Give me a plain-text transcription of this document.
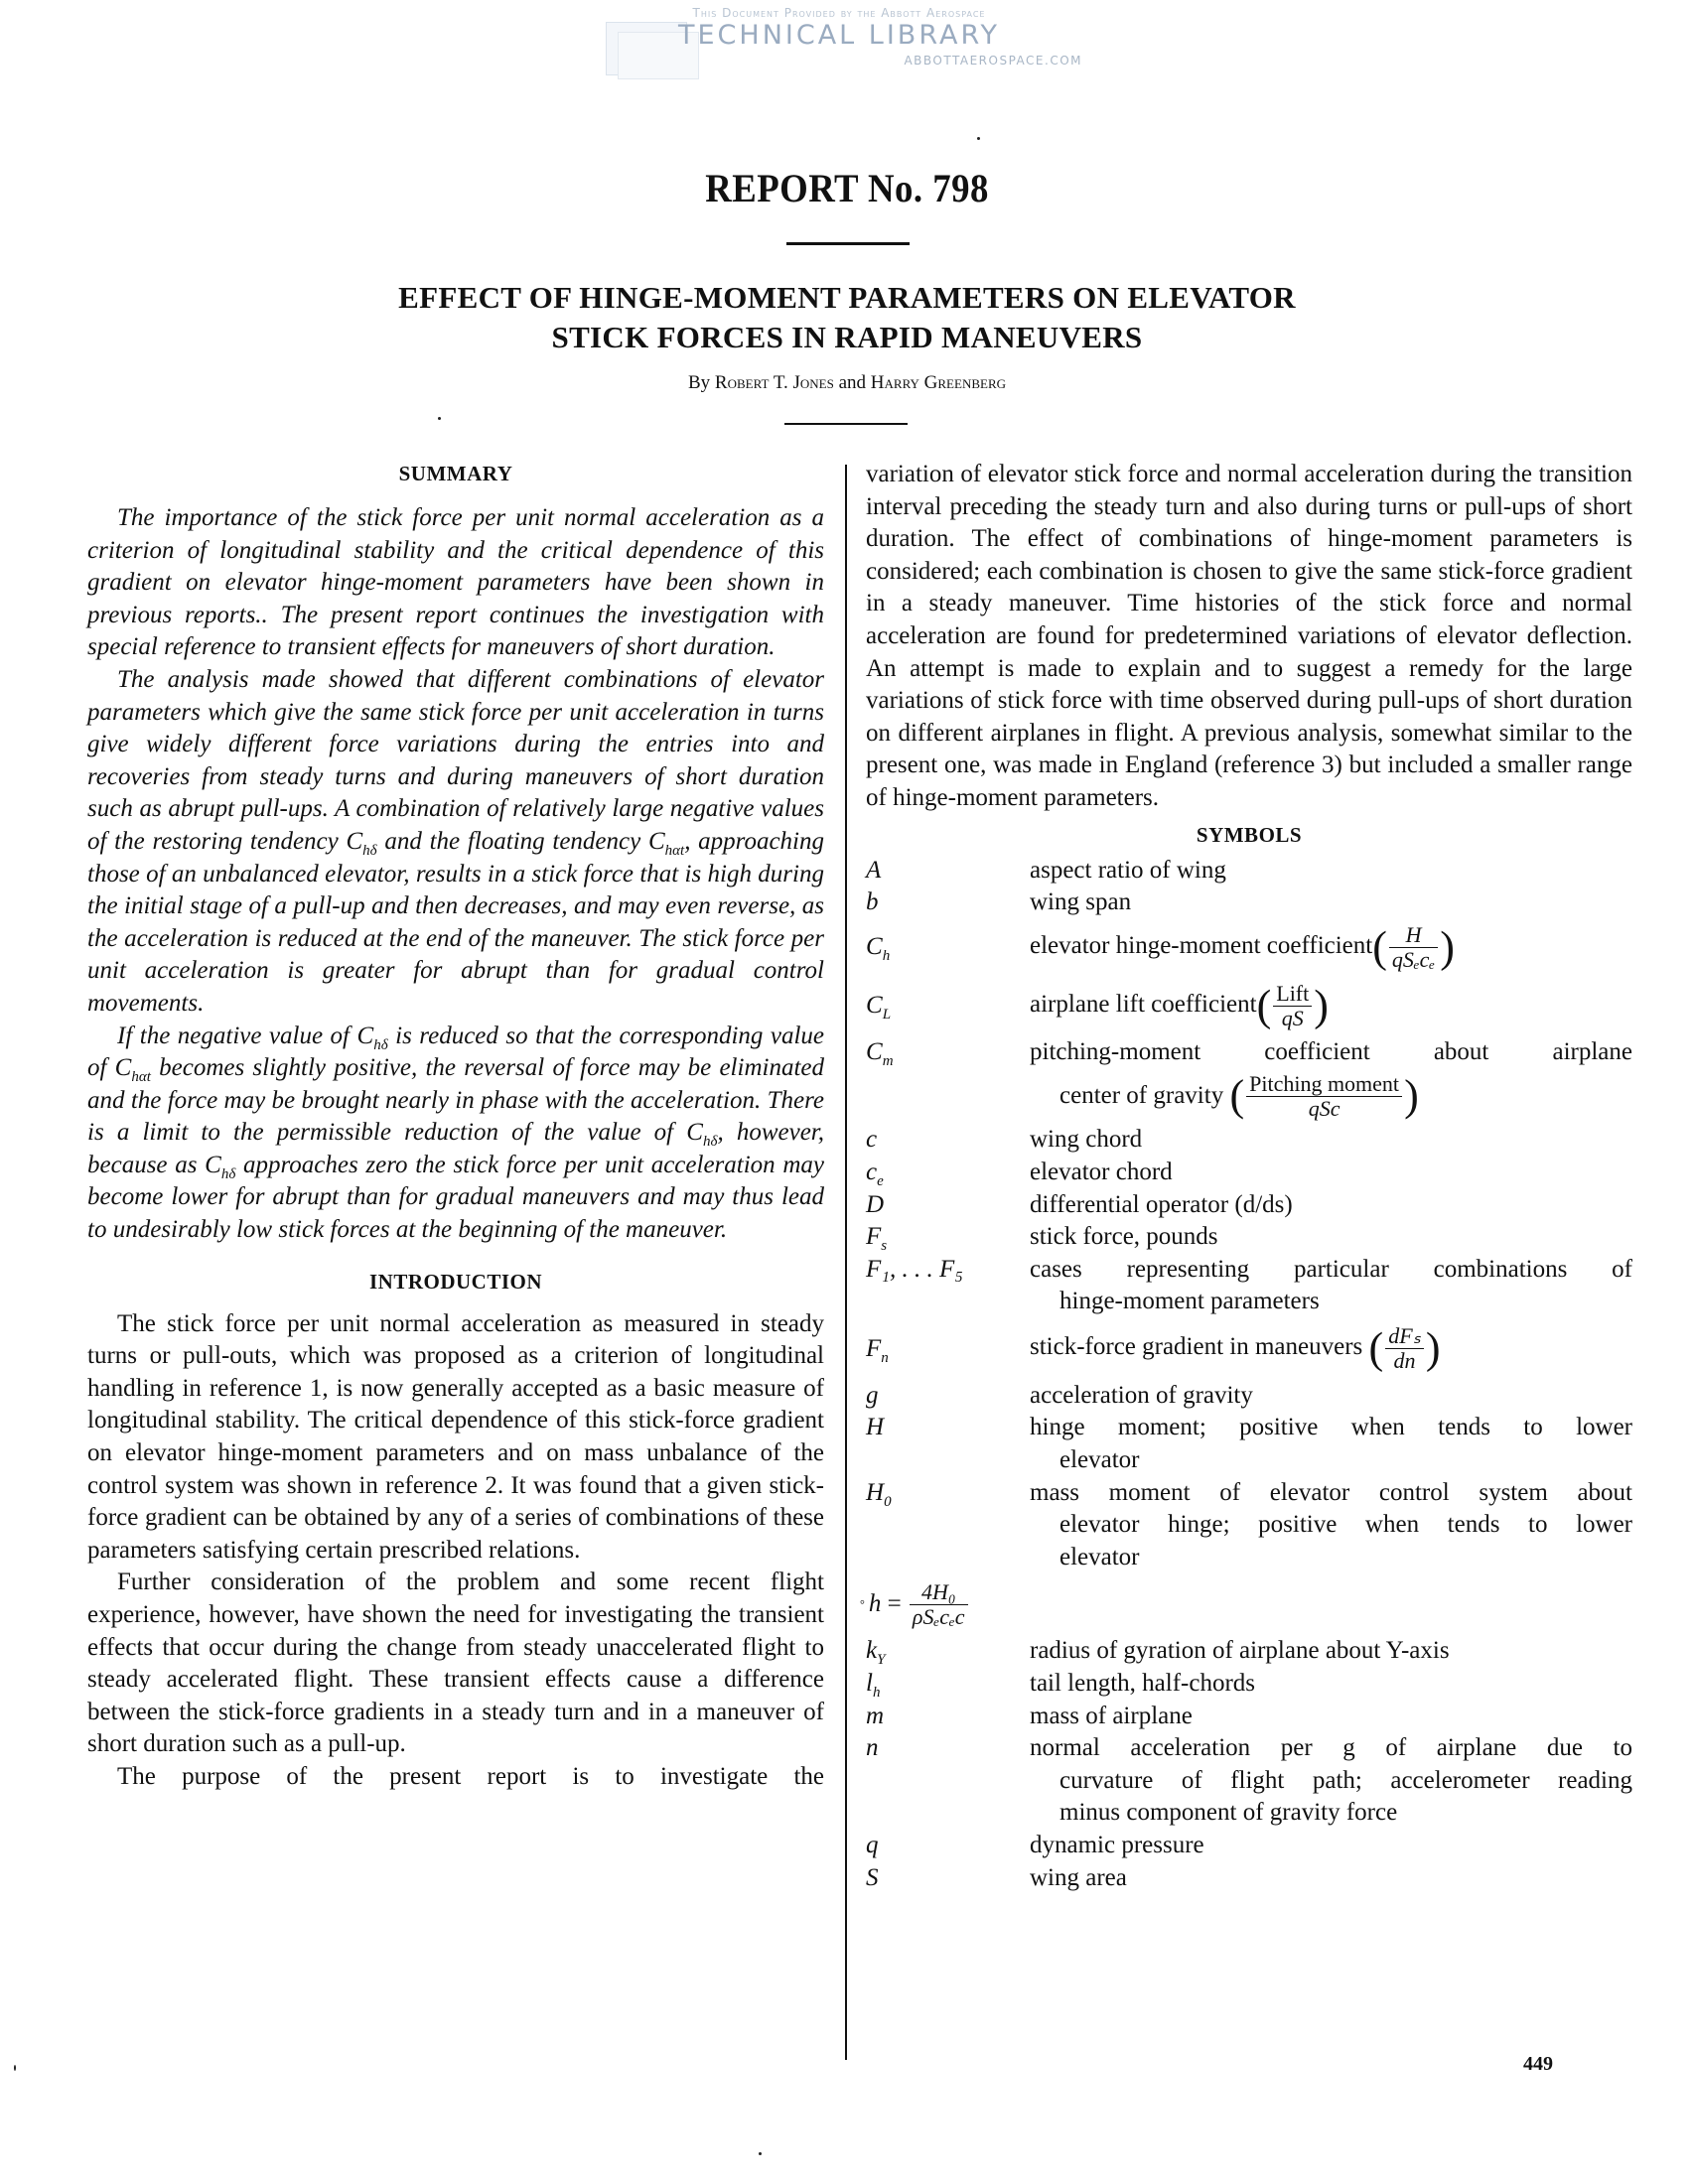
This Document Provided by the Abbott Aerospace
TECHNICAL LIBRARY
ABBOTTAEROSPACE.COM
REPORT No. 798
EFFECT OF HINGE-MOMENT PARAMETERS ON ELEVATOR
STICK FORCES IN RAPID MANEUVERS
By Robert T. Jones and Harry Greenberg
SUMMARY

The importance of the stick force per unit normal acceleration as a criterion of longitudinal stability and the critical dependence of this gradient on elevator hinge-moment parameters have been shown in previous reports.. The present report continues the investigation with special reference to transient effects for maneuvers of short duration.

The analysis made showed that different combinations of elevator parameters which give the same stick force per unit acceleration in turns give widely different force variations during the entries into and recoveries from steady turns and during maneuvers of short duration such as abrupt pull-ups. A combination of relatively large negative values of the restoring tendency $C_{h\delta}$ and the floating tendency $C_{h\alpha t}$, approaching those of an unbalanced elevator, results in a stick force that is high during the initial stage of a pull-up and then decreases, and may even reverse, as the acceleration is reduced at the end of the maneuver. The stick force per unit acceleration is greater for abrupt than for gradual control movements.

If the negative value of $C_{h\delta}$ is reduced so that the corresponding value of $C_{h\alpha t}$ becomes slightly positive, the reversal of force may be eliminated and the force may be brought nearly in phase with the acceleration. There is a limit to the permissible reduction of the value of $C_{h\delta}$, however, because as $C_{h\delta}$ approaches zero the stick force per unit acceleration may become lower for abrupt than for gradual maneuvers and may thus lead to undesirably low stick forces at the beginning of the maneuver.

INTRODUCTION

The stick force per unit normal acceleration as measured in steady turns or pull-outs, which was proposed as a criterion of longitudinal handling in reference 1, is now generally accepted as a basic measure of longitudinal stability. The critical dependence of this stick-force gradient on elevator hinge-moment parameters and on mass unbalance of the control system was shown in reference 2. It was found that a given stick-force gradient can be obtained by any of a series of combinations of these parameters satisfying certain prescribed relations.

Further consideration of the problem and some recent flight experience, however, have shown the need for investigating the transient effects that occur during the change from steady unaccelerated flight to steady accelerated flight. These transient effects cause a difference between the stick-force gradients in a steady turn and in a maneuver of short duration such as a pull-up.

The purpose of the present report is to investigate the

variation of elevator stick force and normal acceleration during the transition interval preceding the steady turn and also during turns or pull-ups of short duration. The effect of combinations of hinge-moment parameters is considered; each combination is chosen to give the same stick-force gradient in a steady maneuver. Time histories of the stick force and normal acceleration are found for predetermined variations of elevator deflection. An attempt is made to explain and to suggest a remedy for the large variations of stick force with time observed during pull-ups of short duration on different airplanes in flight. A previous analysis, somewhat similar to the present one, was made in England (reference 3) but included a smaller range of hinge-moment parameters.

SYMBOLS
A	aspect ratio of wing
b	wing span
$C_h$	elevator hinge-moment coefficient( $\frac{H}{\text{qSₑcₑ}}$ )
$C_L$	airplane lift coefficient( $\frac{\text{Lift}}{qS}$ )
$C_m$	pitching-moment coefficient about airplane
center of gravity
( $\frac{\text{Pitching moment}}{\text{qSc}}$ )
c	wing chord
$c_e$	elevator chord
D	differential operator (d/ds)
$F_s$	stick force, pounds
F₁, . . . F₅	cases representing particular combinations of
hinge-moment parameters
$F_n$	stick-force gradient in maneuvers ( $\frac{\text{dFₛ}}{dn}$ )
g	acceleration of gravity
H	hinge moment; positive when tends to lower
elevator
$H_0$	mass moment of elevator control system about
elevator hinge; positive when tends to lower
elevator
° $h = \frac{\text{4H₀}}{\text{ρSₑcₑc}}$
$k_Y$	radius of gyration of airplane about Y-axis
$l_h$	tail length, half-chords
m	mass of airplane
n	normal acceleration per g of airplane due to
curvature of flight path; accelerometer reading
minus component of gravity force
q	dynamic pressure
S	wing area
449
